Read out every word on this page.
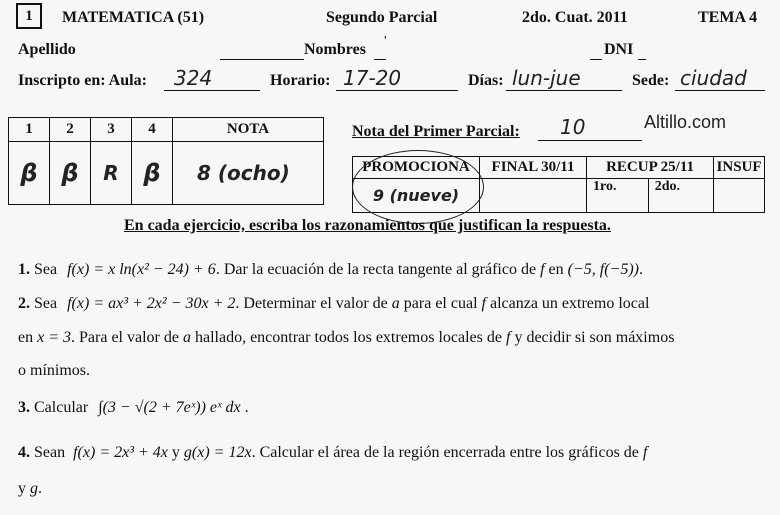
1	MATEMATICA (51)	Segundo Parcial	2do. Cuat. 2011	TEMA 4
Apellido	Nombres '	DNI
Inscripto en: Aula: 324	Horario: 17-20	Días: lun-jue	Sede: ciudad
1	2	3	4	NOTA
β	β	R	β	8 (ocho)
Nota del Primer Parcial: 10	Altillo.com
PROMOCIONA	FINAL 30/11	RECUP 25/11		INSUF
9 (nueve)		1ro.	2do.	
En cada ejercicio, escriba los razonamientos que justifican la respuesta.
1. Sea f(x) = x ln(x² − 24) + 6. Dar la ecuación de la recta tangente al gráfico de f en (−5, f(−5)).
2. Sea f(x) = ax³ + 2x² − 30x + 2. Determinar el valor de a para el cual f alcanza un extremo local
en x = 3. Para el valor de a hallado, encontrar todos los extremos locales de f y decidir si son máximos
o mínimos.
3. Calcular ∫(3 − √(2 + 7eˣ)) eˣ dx .
4. Sean f(x) = 2x³ + 4x y g(x) = 12x. Calcular el área de la región encerrada entre los gráficos de f
y g.
